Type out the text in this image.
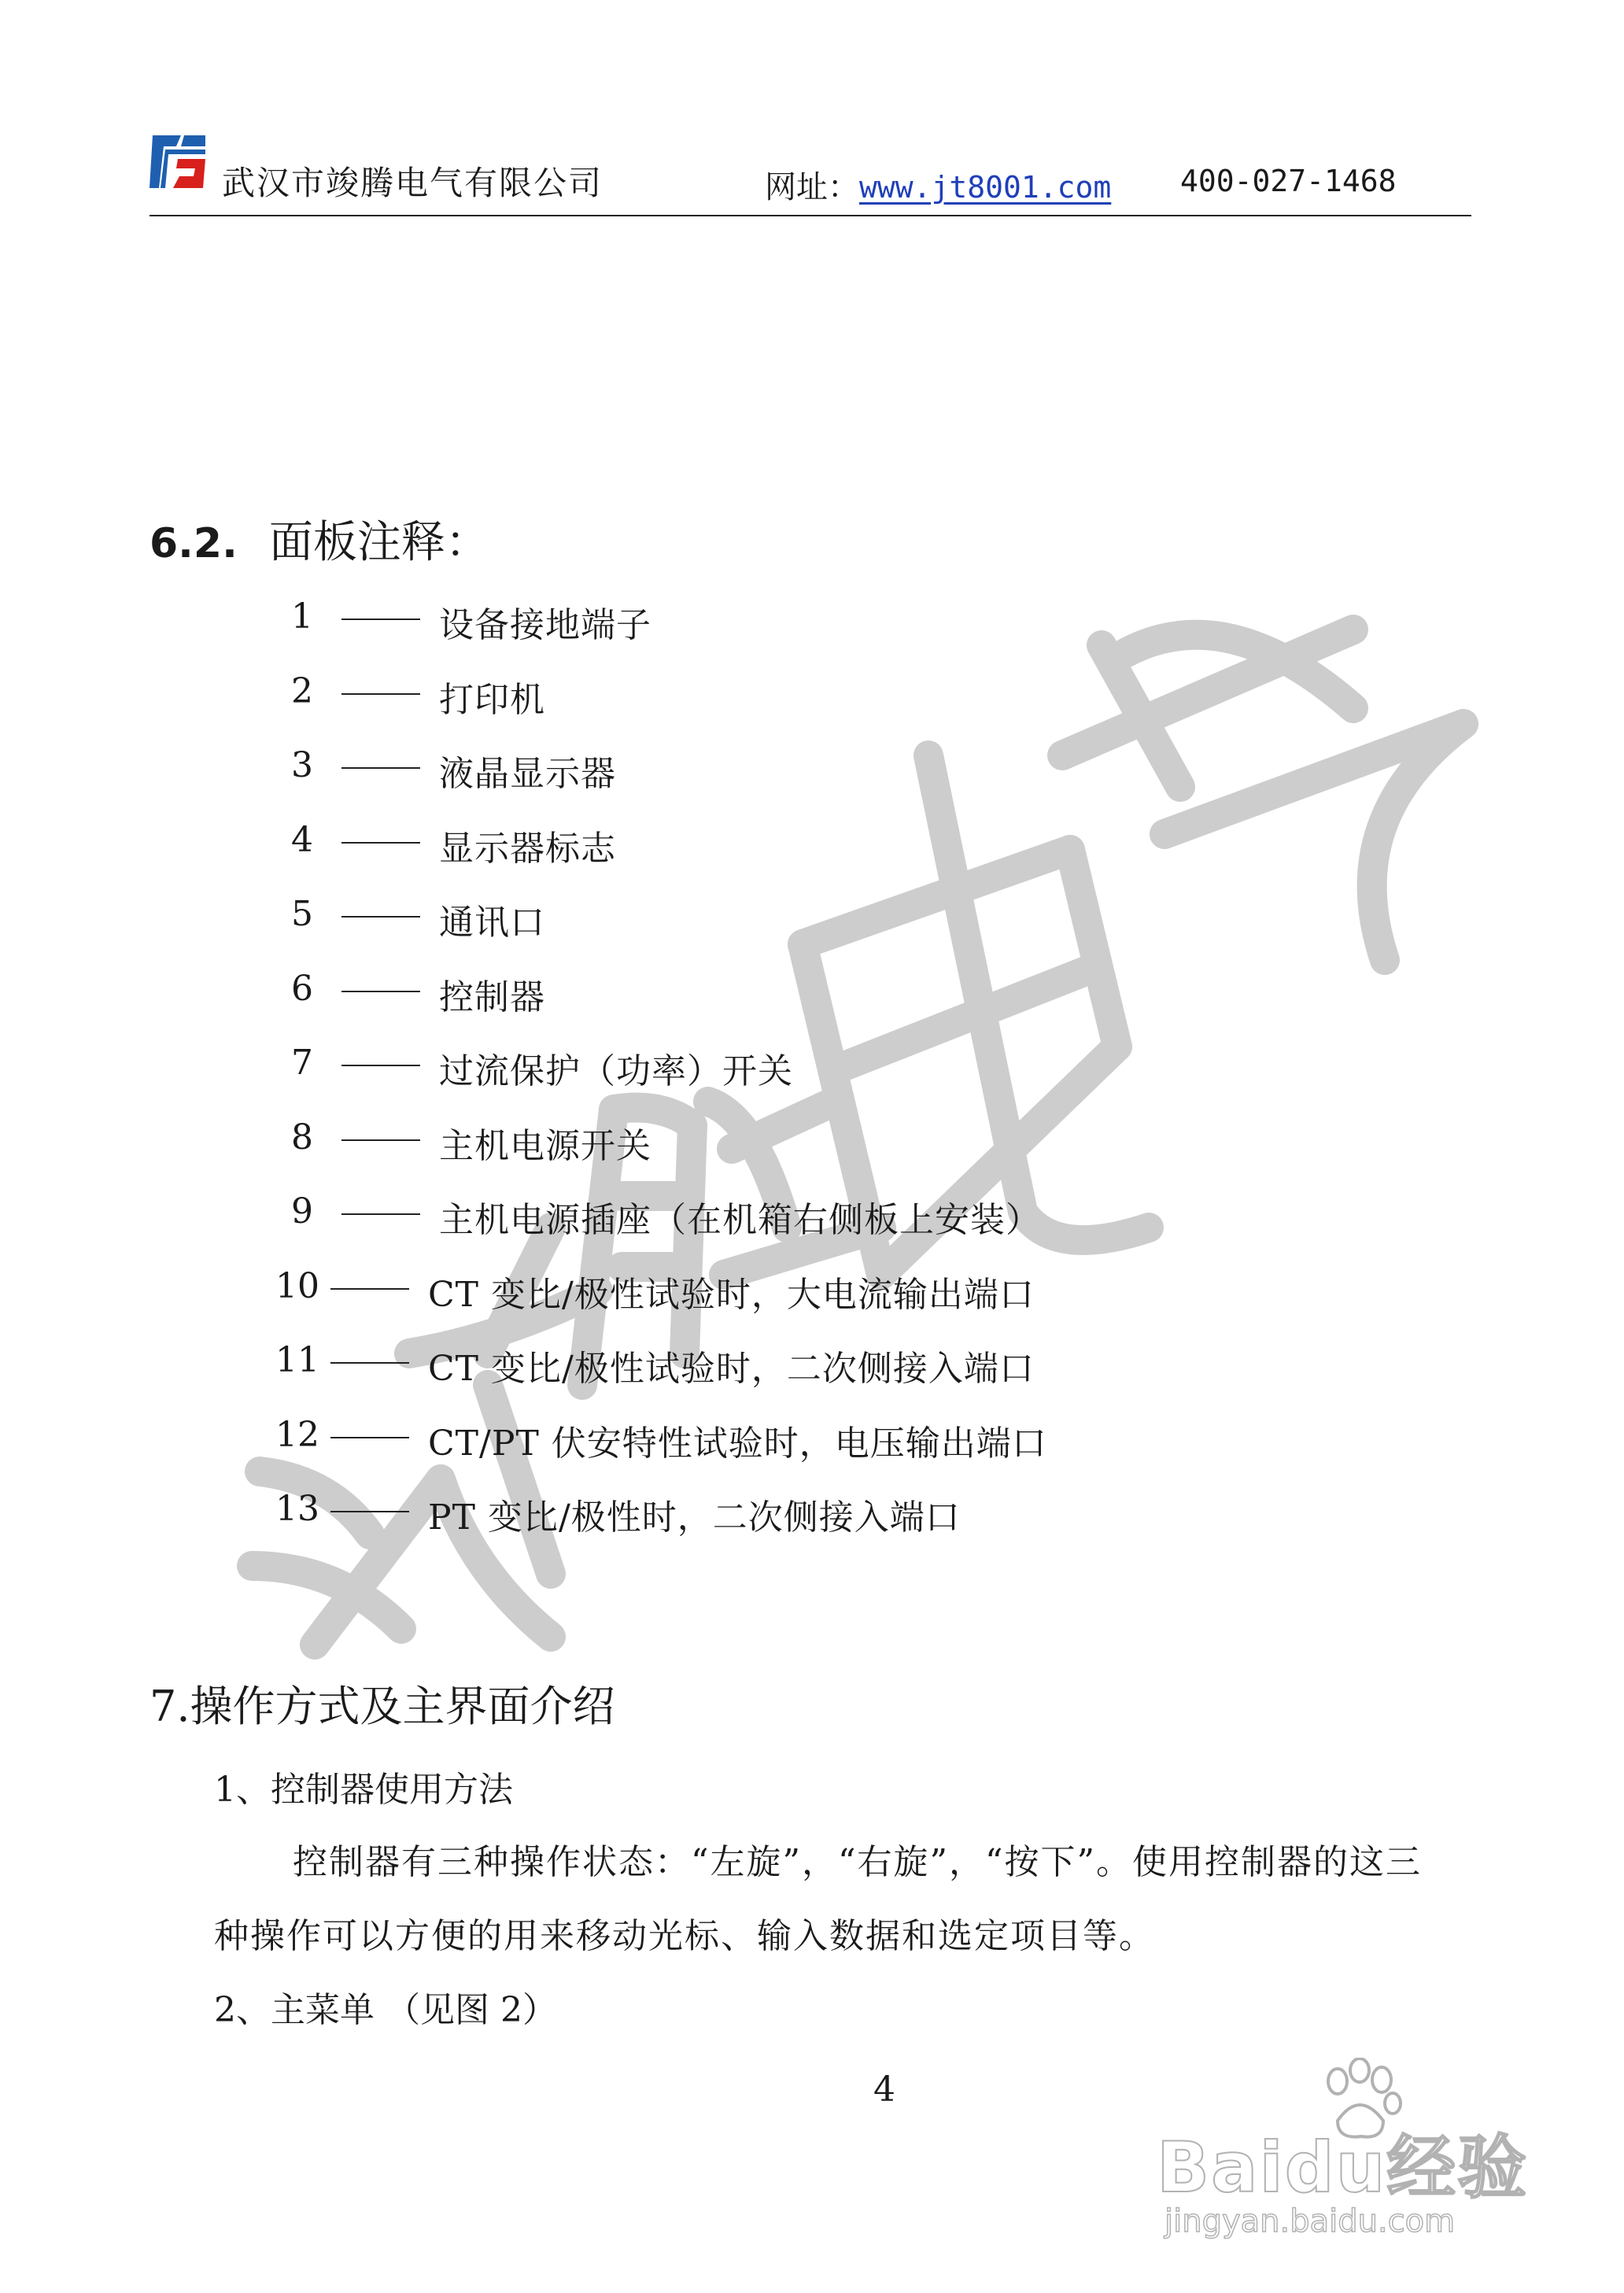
武汉市竣腾电气有限公司	网址：www.jt8001.com 400-027-1468
6.2. 面板注释：
1	设备接地端子
2	打印机
3	液晶显示器
4	显示器标志
5	通讯口
6	控制器
7	过流保护（功率）开关
8	主机电源开关
9	主机电源插座（在机箱右侧板上安装）
10	CT 变比/极性试验时，大电流输出端口
11	CT 变比/极性试验时，二次侧接入端口
12	CT/PT 伏安特性试验时，电压输出端口
13	PT 变比/极性时，二次侧接入端口
7.操作方式及主界面介绍
1、控制器使用方法
控制器有三种操作状态：“左旋”，“右旋”，“按下”。使用控制器的这三
种操作可以方便的用来移动光标、输入数据和选定项目等。
2、主菜单 （见图 2）
4
Baidu经验
jingyan.baidu.com
